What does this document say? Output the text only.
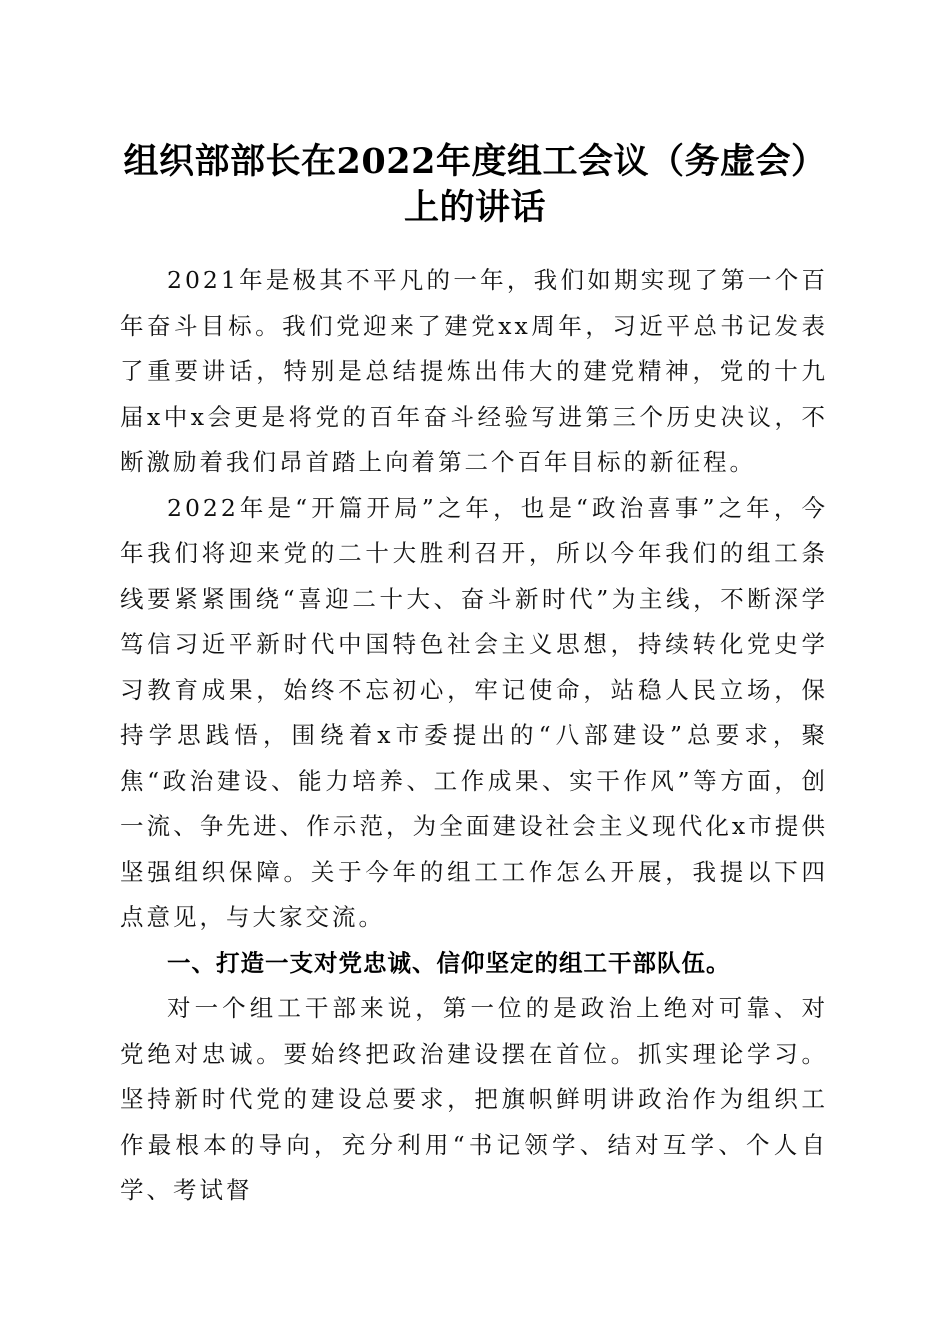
组织部部长在2022年度组工会议（务虚会）
上的讲话

2021年是极其不平凡的一年，我们如期实现了第一个百年奋斗目标。我们党迎来了建党xx周年，习近平总书记发表了重要讲话，特别是总结提炼出伟大的建党精神，党的十九届x中x会更是将党的百年奋斗经验写进第三个历史决议，不断激励着我们昂首踏上向着第二个百年目标的新征程。

2022年是“开篇开局”之年，也是“政治喜事”之年，今年我们将迎来党的二十大胜利召开，所以今年我们的组工条线要紧紧围绕“喜迎二十大、奋斗新时代”为主线，不断深学笃信习近平新时代中国特色社会主义思想，持续转化党史学习教育成果，始终不忘初心，牢记使命，站稳人民立场，保持学思践悟，围绕着x市委提出的“八部建设”总要求，聚焦“政治建设、能力培养、工作成果、实干作风”等方面，创一流、争先进、作示范，为全面建设社会主义现代化x市提供坚强组织保障。关于今年的组工工作怎么开展，我提以下四点意见，与大家交流。

一、打造一支对党忠诚、信仰坚定的组工干部队伍。

对一个组工干部来说，第一位的是政治上绝对可靠、对党绝对忠诚。要始终把政治建设摆在首位。抓实理论学习。坚持新时代党的建设总要求，把旗帜鲜明讲政治作为组织工作最根本的导向，充分利用“书记领学、结对互学、个人自学、考试督
